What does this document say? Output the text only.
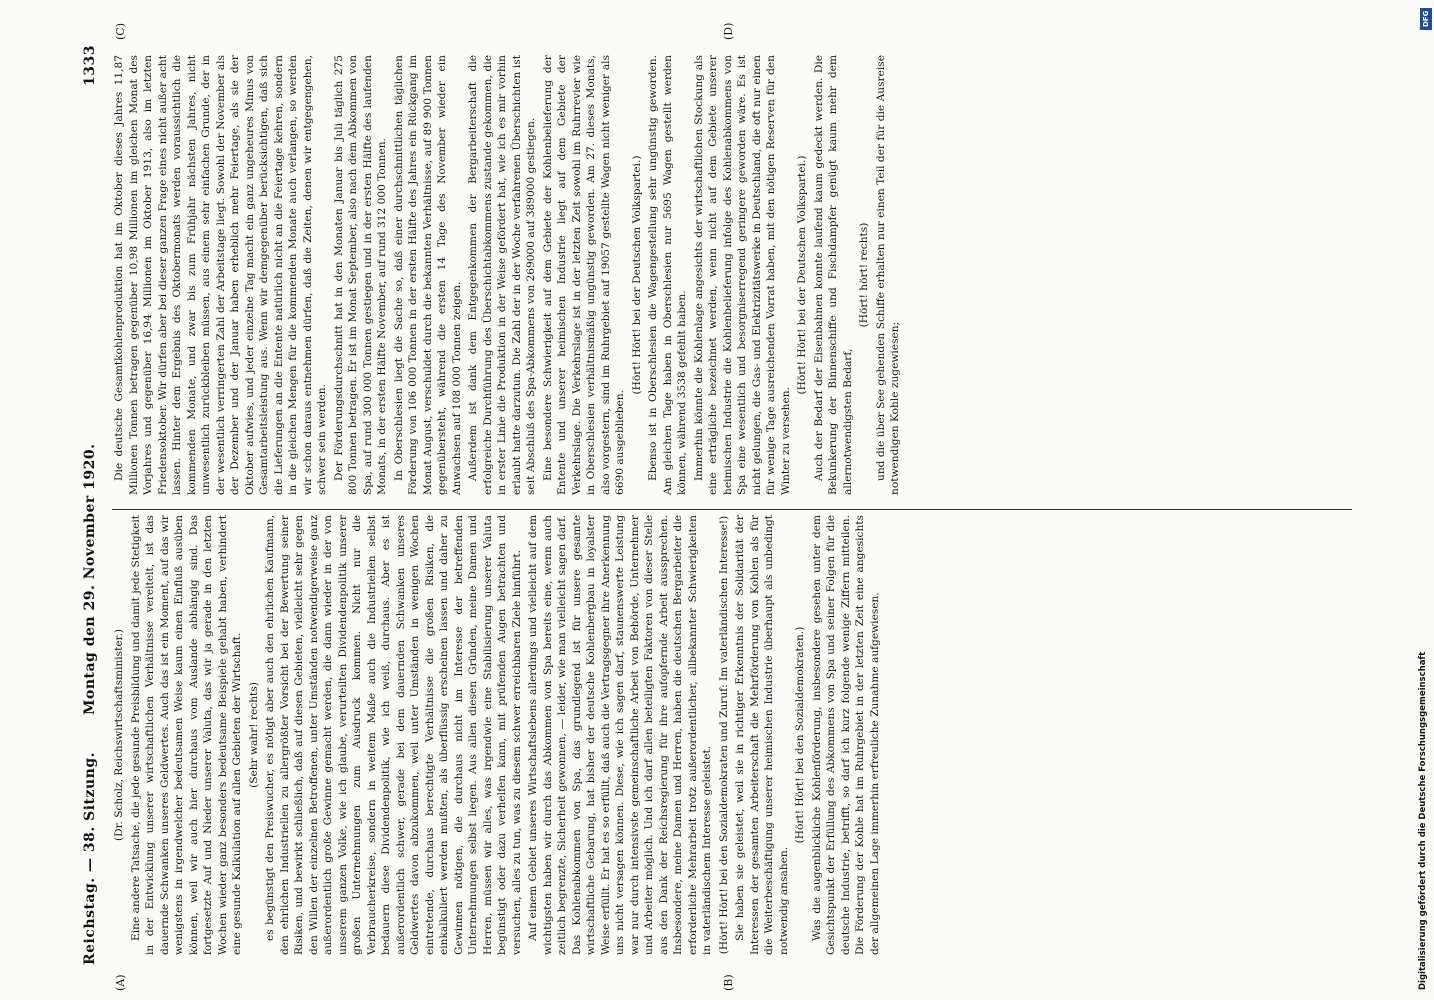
Reichstag. — 38. Sitzung.
Montag den 29. November 1920.
1333
(A)	(B)
(C)	(D)

(Dr. Scholz, Reichswirtschaftsminister.) Eine andere Tatsache, die jede gesunde Preisbildung und damit jede Stetigkeit in der Entwicklung unserer wirtschaftlichen Verhältnisse vereitelt, ist das dauernde Schwanken unseres Geldwertes. Auch das ist ein Moment, auf das wir wenigstens in irgendwelcher bedeutsamen Weise kaum einen Einfluß ausüben können, weil wir auch hier durchaus vom Auslande abhängig sind. Das fortgesetzte Auf und Nieder unserer Valuta, das wir ja gerade in den letzten Wochen wieder ganz besonders bedeutsame Beispiele gehabt haben, verhindert eine gesunde Kalkulation auf allen Gebieten der Wirtschaft. (Sehr wahr! rechts) es begünstigt den Preiswucher, es nötigt aber auch den ehrlichen Kaufmann, den ehrlichen Industriellen zu allergrößter Vorsicht bei der Bewertung seiner Risiken, und bewirkt schließlich, daß auf diesen Gebieten, vielleicht sehr gegen den Willen der einzelnen Betroffenen, unter Umständen notwendigerweise ganz außerordentlich große Gewinne gemacht werden, die dann wieder in der von unserem ganzen Volke, wie ich glaube, verurteilten Dividendenpolitik unserer großen Unternehmungen zum Ausdruck kommen. Nicht nur die Verbraucherkreise, sondern in weitem Maße auch die Industriellen selbst bedauern diese Dividendenpolitik, wie ich weiß, durchaus. Aber es ist außerordentlich schwer, gerade bei dem dauernden Schwanken unseres Geldwertes davon abzukommen, weil unter Umständen in wenigen Wochen eintretende, durchaus berechtigte Verhältnisse die großen Risiken, die einkalkuliert werden mußten, als überflüssig erscheinen lassen und daher zu Gewinnen nötigen, die durchaus nicht im Interesse der betreffenden Unternehmungen selbst liegen. Aus allen diesen Gründen, meine Damen und Herren, müssen wir alles, was irgendwie eine Stabilisierung unserer Valuta begünstigt oder dazu verhelfen kann, mit prüfenden Augen betrachten und versuchen, alles zu tun, was zu diesem schwer erreichbaren Ziele hinführt. Auf einem Gebiet unseres Wirtschaftslebens allerdings und vielleicht auf dem wichtigsten haben wir durch das Abkommen von Spa bereits eine, wenn auch zeitlich begrenzte, Sicherheit gewonnen, — leider, wie man vielleicht sagen darf. Das Kohlenabkommen von Spa, das grundlegend ist für unsere gesamte wirtschaftliche Gebarung, hat bisher der deutsche Kohlenbergbau in loyalster Weise erfüllt. Er hat es so erfüllt, daß auch die Vertragsgegner ihre Anerkennung uns nicht versagen können. Diese, wie ich sagen darf, staunenswerte Leistung war nur durch intensivste gemeinschaftliche Arbeit von Behörde, Unternehmer und Arbeiter möglich. Und ich darf allen beteiligten Faktoren von dieser Stelle aus den Dank der Reichsregierung für ihre aufopfernde Arbeit aussprechen. Insbesondere, meine Damen und Herren, haben die deutschen Bergarbeiter die erforderliche Mehrarbeit trotz außerordentlicher, allbekannter Schwierigkeiten in vaterländischem Interesse geleistet. (Hört! Hört! bei den Sozialdemokraten und Zuruf: Im vaterländischen Interesse!) Sie haben sie geleistet, weil sie in richtiger Erkenntnis der Solidarität der Interessen der gesamten Arbeiterschaft die Mehrförderung von Kohlen als für die Weiterbeschäftigung unserer heimischen Industrie überhaupt als unbedingt notwendig ansahen.

(Hört! Hört! bei den Sozialdemokraten.) Was die augenblickliche Kohlenförderung, insbesondere gesehen unter dem Gesichtspunkt der Erfüllung des Abkommens von Spa und seiner Folgen für die deutsche Industrie, betrifft, so darf ich kurz folgende wenige Ziffern mitteilen. Die Förderung der Kohle hat im Ruhrgebiet in der letzten Zeit eine angesichts der allgemeinen Lage immerhin erfreuliche Zunahme aufgewiesen.

Die deutsche Gesamtkohlenproduktion hat im Oktober dieses Jahres 11,87 Millionen Tonnen betragen gegenüber 10,98 Millionen im gleichen Monat des Vorjahres und gegenüber 16,94 Millionen im Oktober 1913, also im letzten Friedensoktober. Wir dürfen aber bei dieser ganzen Frage eines nicht außer acht lassen. Hinter dem Ergebnis des Oktobermonats werden voraussichtlich die kommenden Monate, und zwar bis zum Frühjahr nächsten Jahres, nicht unwesentlich zurückbleiben müssen, aus einem sehr einfachen Grunde, der in der wesentlich verringerten Zahl der Arbeitstage liegt. Sowohl der November als der Dezember und der Januar haben erheblich mehr Feiertage, als sie der Oktober aufwies, und jeder einzelne Tag macht ein ganz ungeheures Minus von Gesamtarbeitsleistung aus. Wenn wir demgegenüber berücksichtigen, daß sich die Lieferungen an die Entente natürlich nicht an die Feiertage kehren, sondern in die gleichen Mengen für die kommenden Monate auch verlangen, so werden wir schon daraus entnehmen dürfen, daß die Zeiten, denen wir entgegengehen, schwer sein werden. Der Förderungsdurchschnitt hat in den Monaten Januar bis Juli täglich 275 800 Tonnen betragen. Er ist im Monat September, also nach dem Abkommen von Spa, auf rund 300 000 Tonnen gestiegen und in der ersten Hälfte des laufenden Monats, in der ersten Hälfte November, auf rund 312 000 Tonnen. In Oberschlesien liegt die Sache so, daß einer durchschnittlichen täglichen Förderung von 106 000 Tonnen in der ersten Hälfte des Jahres ein Rückgang im Monat August, verschuldet durch die bekannten Verhältnisse, auf 89 900 Tonnen gegenübersteht, während die ersten 14 Tage des November wieder ein Anwachsen auf 108 000 Tonnen zeigen. Außerdem ist dank dem Entgegenkommen der Bergarbeiterschaft die erfolgreiche Durchführung des Überschichtabkommens zustande gekommen, die in erster Linie die Produktion in der Weise gefördert hat, wie ich es mir vorhin erlaubt hatte darzutun. Die Zahl der in der Woche verfahrenen Überschichten ist seit Abschluß des Spa-Abkommens von 269000 auf 389000 gestiegen. Eine besondere Schwierigkeit auf dem Gebiete der Kohlenbelieferung der Entente und unserer heimischen Industrie liegt auf dem Gebiete der Verkehrslage. Die Verkehrslage ist in der letzten Zeit sowohl im Ruhrrevier wie in Oberschlesien verhältnismäßig ungünstig geworden. Am 27. dieses Monats, also vorgestern, sind im Ruhrgebiet auf 19057 gestellte Wagen nicht weniger als 6690 ausgeblieben.

(Hört! Hört! bei der Deutschen Volkspartei.) Ebenso ist in Oberschlesien die Wagengestellung sehr ungünstig geworden. Am gleichen Tage haben in Oberschlesien nur 5695 Wagen gestellt werden können, während 3538 gefehlt haben. Immerhin könnte die Kohlenlage angesichts der wirtschaftlichen Stockung als eine erträgliche bezeichnet werden, wenn nicht auf dem Gebiete unserer heimischen Industrie die Kohlenbelieferung infolge des Kohlenabkommens von Spa eine wesentlich und besorgniserregend geringere geworden wäre. Es ist nicht gelungen, die Gas- und Elektrizitätswerke in Deutschland, die oft nur einen für wenige Tage ausreichenden Vorrat haben, mit den nötigen Reserven für den Winter zu versehen.

(Hört! Hört! bei der Deutschen Volkspartei.) Auch der Bedarf der Eisenbahnen konnte laufend kaum gedeckt werden. Die Bekunkerung der Binnenschiffe und Fischdampfer genügt kaum mehr dem allernotwendigsten Bedarf,

(Hört! hört! rechts) und die über See gehenden Schiffe erhalten nur einen Teil der für die Ausreise notwendigen Kohle zugewiesen;

DFG
Digitalisierung gefördert durch die Deutsche Forschungsgemeinschaft
